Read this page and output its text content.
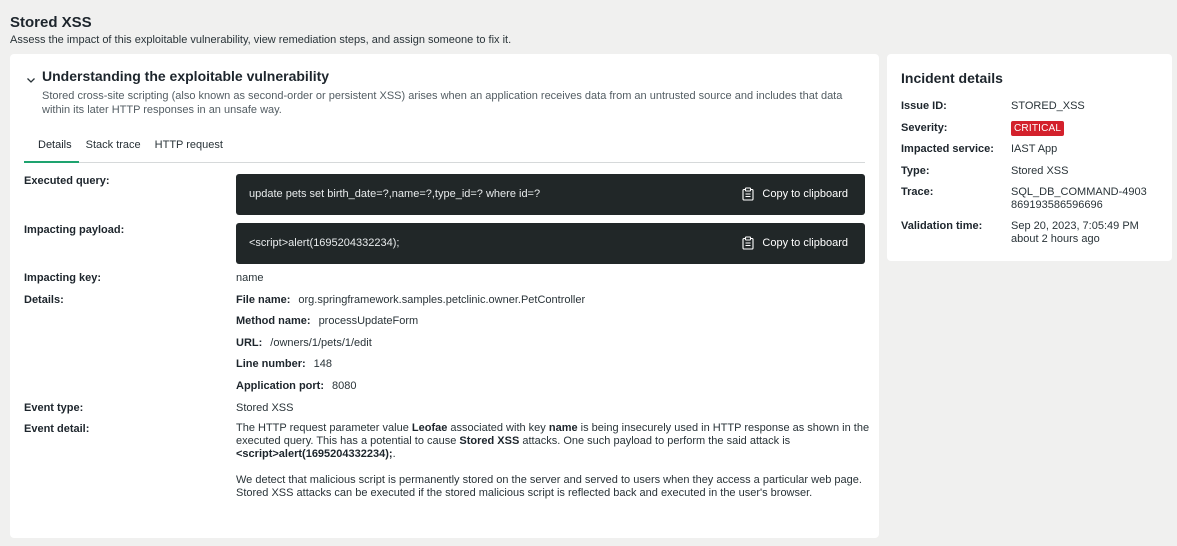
Stored XSS
Assess the impact of this exploitable vulnerability, view remediation steps, and assign someone to fix it.
Understanding the exploitable vulnerability
Stored cross-site scripting (also known as second-order or persistent XSS) arises when an application receives data from an untrusted source and includes that data within its later HTTP responses in an unsafe way.
Details	Stack trace	HTTP request
Executed query:
update pets set birth_date=?,name=?,type_id=? where id=?	Copy to clipboard
Impacting payload:
<script>alert(1695204332234);	Copy to clipboard
Impacting key:	name
Details:	File name: org.springframework.samples.petclinic.owner.PetController
Method name: processUpdateForm
URL: /owners/1/pets/1/edit
Line number: 148
Application port: 8080
Event type:	Stored XSS
Event detail:	The HTTP request parameter value Leofae associated with key name is being insecurely used in HTTP response as shown in the executed query. This has a potential to cause Stored XSS attacks. One such payload to perform the said attack is <script>alert(1695204332234);.

We detect that malicious script is permanently stored on the server and served to users when they access a particular web page. Stored XSS attacks can be executed if the stored malicious script is reflected back and executed in the user's browser.

Incident details
Issue ID:	STORED_XSS
Severity:	CRITICAL
Impacted service: IAST App
Type:	Stored XSS
Trace:	SQL_DB_COMMAND-4903869193586596696
Validation time:	Sep 20, 2023, 7:05:49 PM
about 2 hours ago
